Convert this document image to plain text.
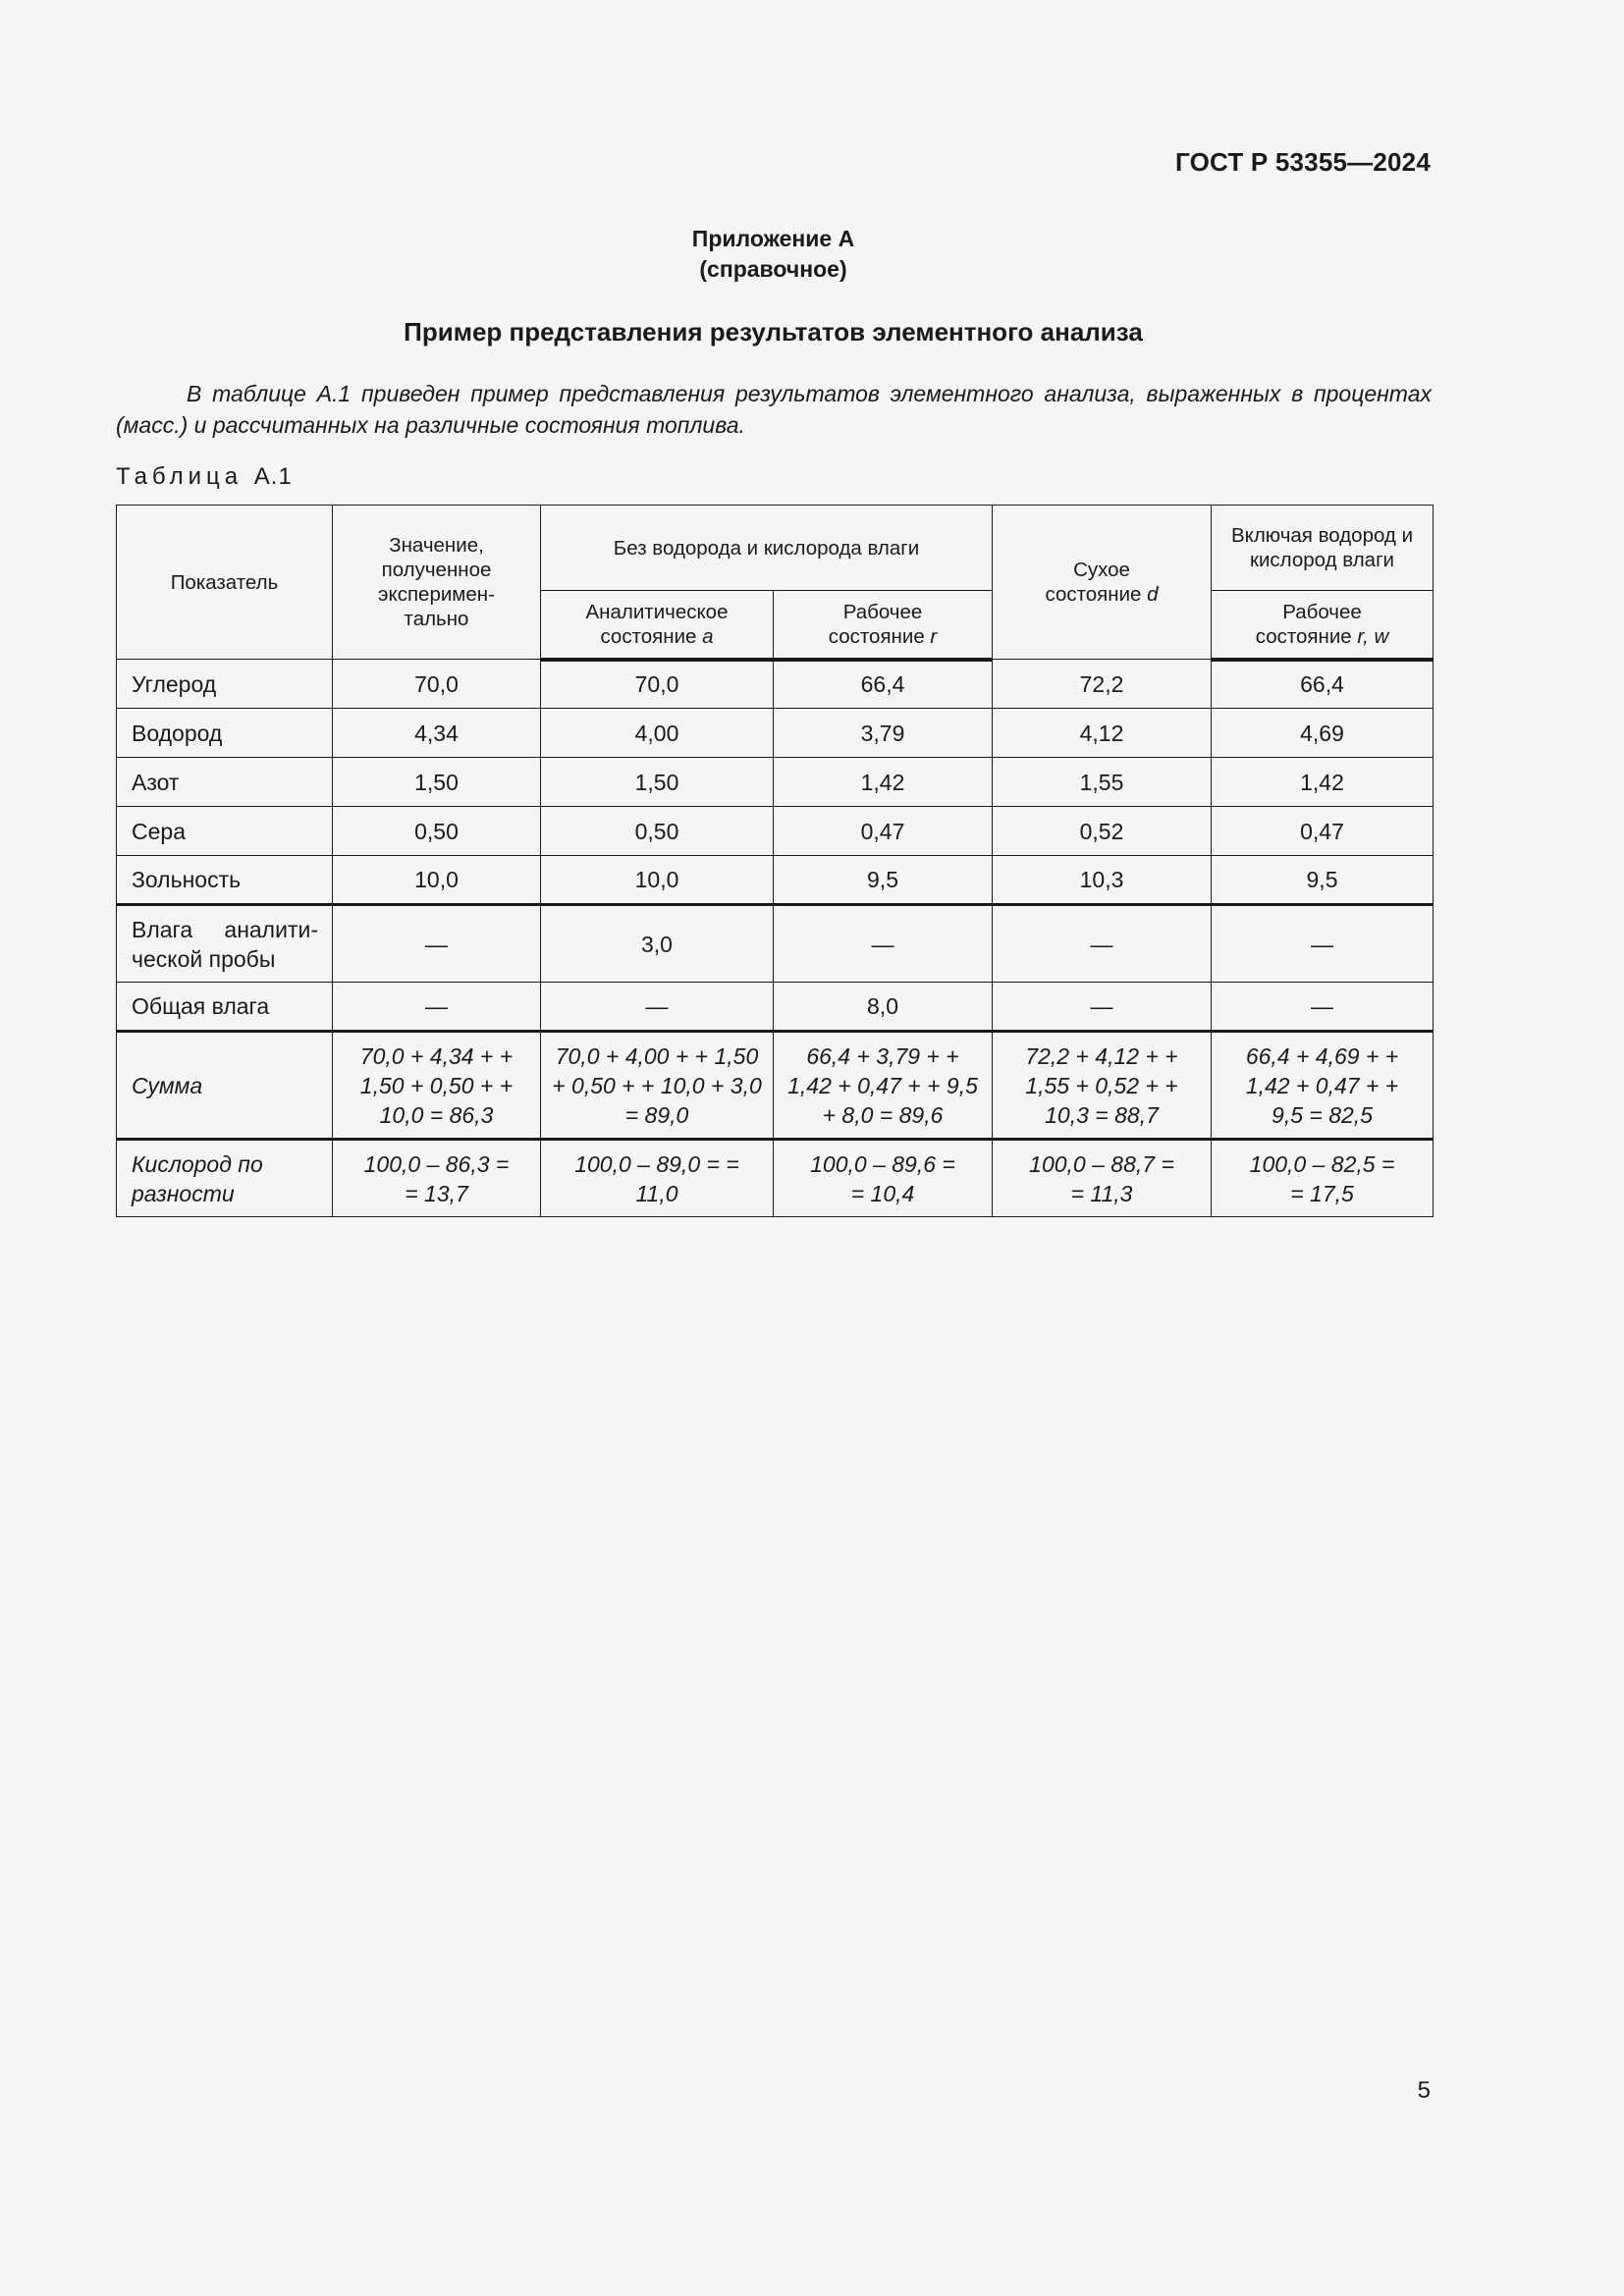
ГОСТ Р 53355—2024
Приложение А
(справочное)
Пример представления результатов элементного анализа
В таблице А.1 приведен пример представления результатов элементного анализа, выраженных в процентах (масс.) и рассчитанных на различные состояния топлива.
Таблица А.1
Показатель	Значение, полученное эксперимен-тально	Без водорода и кислорода влаги		Сухое состояние d	Включая водород и кислород влаги
		Аналитическое состояние a	Рабочее состояние r		Рабочее состояние r, w
Углерод	70,0	70,0	66,4	72,2	66,4
Водород	4,34	4,00	3,79	4,12	4,69
Азот	1,50	1,50	1,42	1,55	1,42
Сера	0,50	0,50	0,47	0,52	0,47
Зольность	10,0	10,0	9,5	10,3	9,5
Влага аналити-ческой пробы	—	3,0	—	—	—
Общая влага	—	—	8,0	—	—
Сумма	70,0 + 4,34 + + 1,50 + 0,50 + + 10,0 = 86,3	70,0 + 4,00 + + 1,50 + 0,50 + + 10,0 + 3,0 = 89,0	66,4 + 3,79 + + 1,42 + 0,47 + + 9,5 + 8,0 = 89,6	72,2 + 4,12 + + 1,55 + 0,52 + + 10,3 = 88,7	66,4 + 4,69 + + 1,42 + 0,47 + + 9,5 = 82,5
Кислород по разности	100,0 – 86,3 = = 13,7	100,0 – 89,0 = = 11,0	100,0 – 89,6 = = 10,4	100,0 – 88,7 = = 11,3	100,0 – 82,5 = = 17,5
5
